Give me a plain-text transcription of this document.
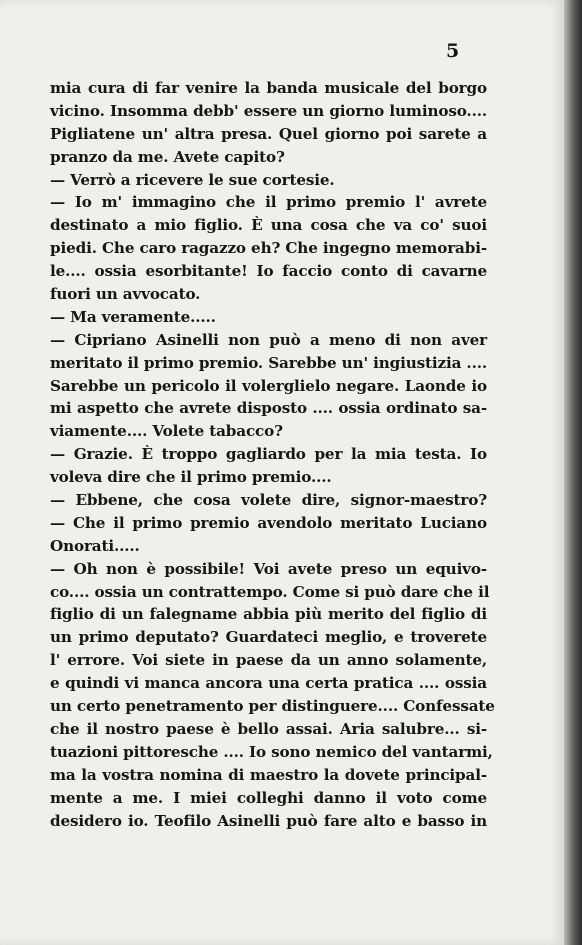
5
mia cura di far venire la banda musicale del borgo
vicino. Insomma debb' essere un giorno luminoso....
Pigliatene un' altra presa. Quel giorno poi sarete a
pranzo da me. Avete capito?
— Verrò a ricevere le sue cortesie.
— Io m' immagino che il primo premio l' avrete
destinato a mio figlio. È una cosa che va co' suoi
piedi. Che caro ragazzo eh? Che ingegno memorabi-
le.... ossia esorbitante! Io faccio conto di cavarne
fuori un avvocato.
— Ma veramente.....
— Cipriano Asinelli non può a meno di non aver
meritato il primo premio. Sarebbe un' ingiustizia ....
Sarebbe un pericolo il volerglielo negare. Laonde io
mi aspetto che avrete disposto .... ossia ordinato sa-
viamente.... Volete tabacco?
— Grazie. È troppo gagliardo per la mia testa. Io
voleva dire che il primo premio....
— Ebbene, che cosa volete dire, signor-maestro?
— Che il primo premio avendolo meritato Luciano
Onorati.....
— Oh non è possibile! Voi avete preso un equivo-
co.... ossia un contrattempo. Come si può dare che il
figlio di un falegname abbia più merito del figlio di
un primo deputato? Guardateci meglio, e troverete
l' errore. Voi siete in paese da un anno solamente,
e quindi vi manca ancora una certa pratica .... ossia
un certo penetramento per distinguere.... Confessate
che il nostro paese è bello assai. Aria salubre... si-
tuazioni pittoresche .... Io sono nemico del vantarmi,
ma la vostra nomina di maestro la dovete principal-
mente a me. I miei colleghi danno il voto come
desidero io. Teofilo Asinelli può fare alto e basso in
